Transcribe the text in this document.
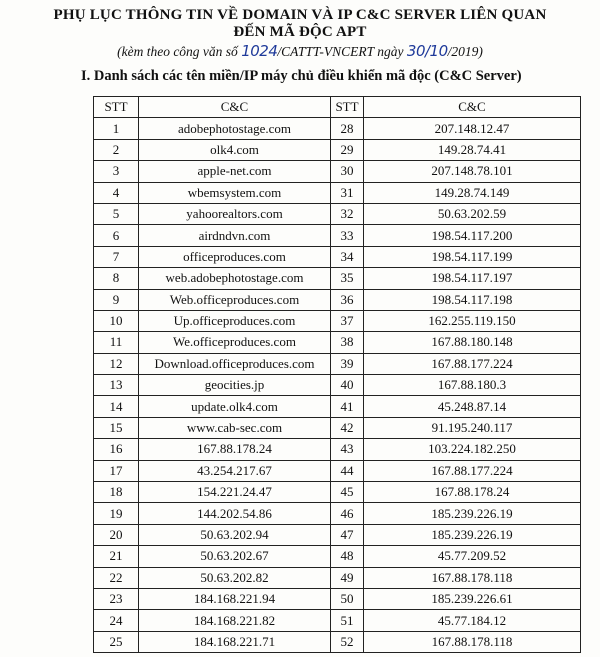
PHỤ LỤC THÔNG TIN VỀ DOMAIN VÀ IP C&C SERVER LIÊN QUAN
ĐẾN MÃ ĐỘC APT
(kèm theo công văn số 1024/CATTT-VNCERT ngày 30/10/2019)
I. Danh sách các tên miền/IP máy chủ điều khiển mã độc (C&C Server)
STT	C&C	STT	C&C
1	adobephotostage.com	28	207.148.12.47
2	olk4.com	29	149.28.74.41
3	apple-net.com	30	207.148.78.101
4	wbemsystem.com	31	149.28.74.149
5	yahoorealtors.com	32	50.63.202.59
6	airdndvn.com	33	198.54.117.200
7	officeproduces.com	34	198.54.117.199
8	web.adobephotostage.com	35	198.54.117.197
9	Web.officeproduces.com	36	198.54.117.198
10	Up.officeproduces.com	37	162.255.119.150
11	We.officeproduces.com	38	167.88.180.148
12	Download.officeproduces.com	39	167.88.177.224
13	geocities.jp	40	167.88.180.3
14	update.olk4.com	41	45.248.87.14
15	www.cab-sec.com	42	91.195.240.117
16	167.88.178.24	43	103.224.182.250
17	43.254.217.67	44	167.88.177.224
18	154.221.24.47	45	167.88.178.24
19	144.202.54.86	46	185.239.226.19
20	50.63.202.94	47	185.239.226.19
21	50.63.202.67	48	45.77.209.52
22	50.63.202.82	49	167.88.178.118
23	184.168.221.94	50	185.239.226.61
24	184.168.221.82	51	45.77.184.12
25	184.168.221.71	52	167.88.178.118
